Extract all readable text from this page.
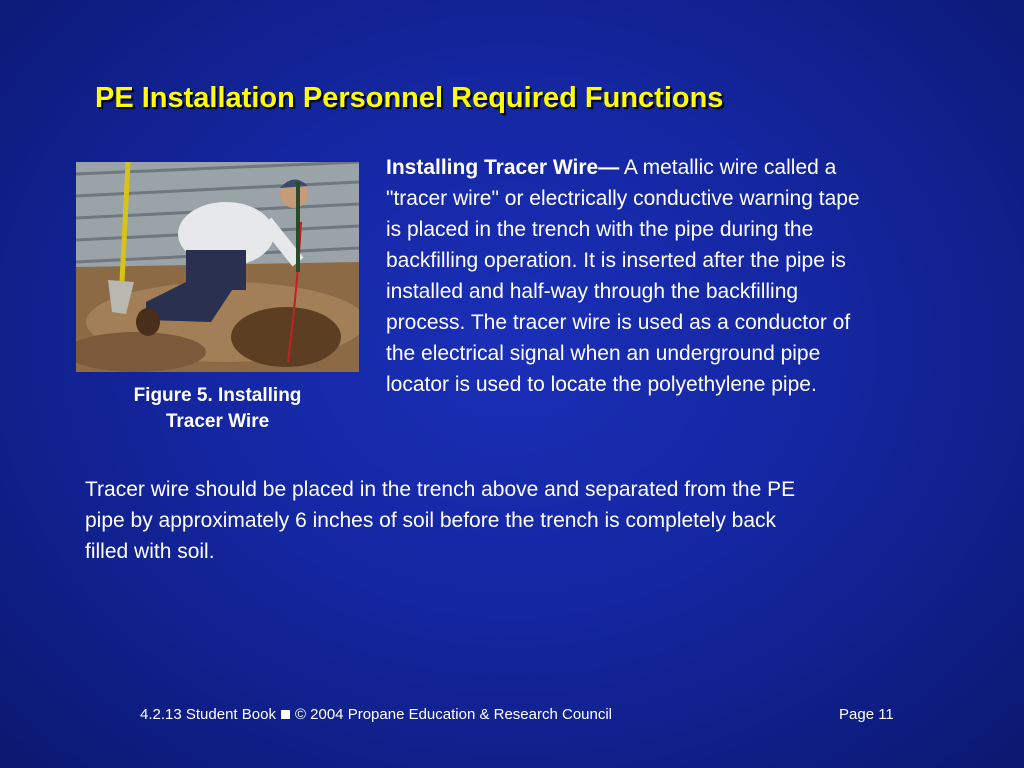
PE Installation Personnel Required Functions
Figure 5. Installing
Tracer Wire
Installing Tracer Wire— A metallic wire called a
"tracer wire" or electrically conductive warning tape
is placed in the trench with the pipe during the
backfilling operation. It is inserted after the pipe is
installed and half-way through the backfilling
process. The tracer wire is used as a conductor of
the electrical signal when an underground pipe
locator is used to locate the polyethylene pipe.
Tracer wire should be placed in the trench above and separated from the PE
pipe by approximately 6 inches of soil before the trench is completely back
filled with soil.
4.2.13 Student Book © 2004 Propane Education & Research Council	Page 11
